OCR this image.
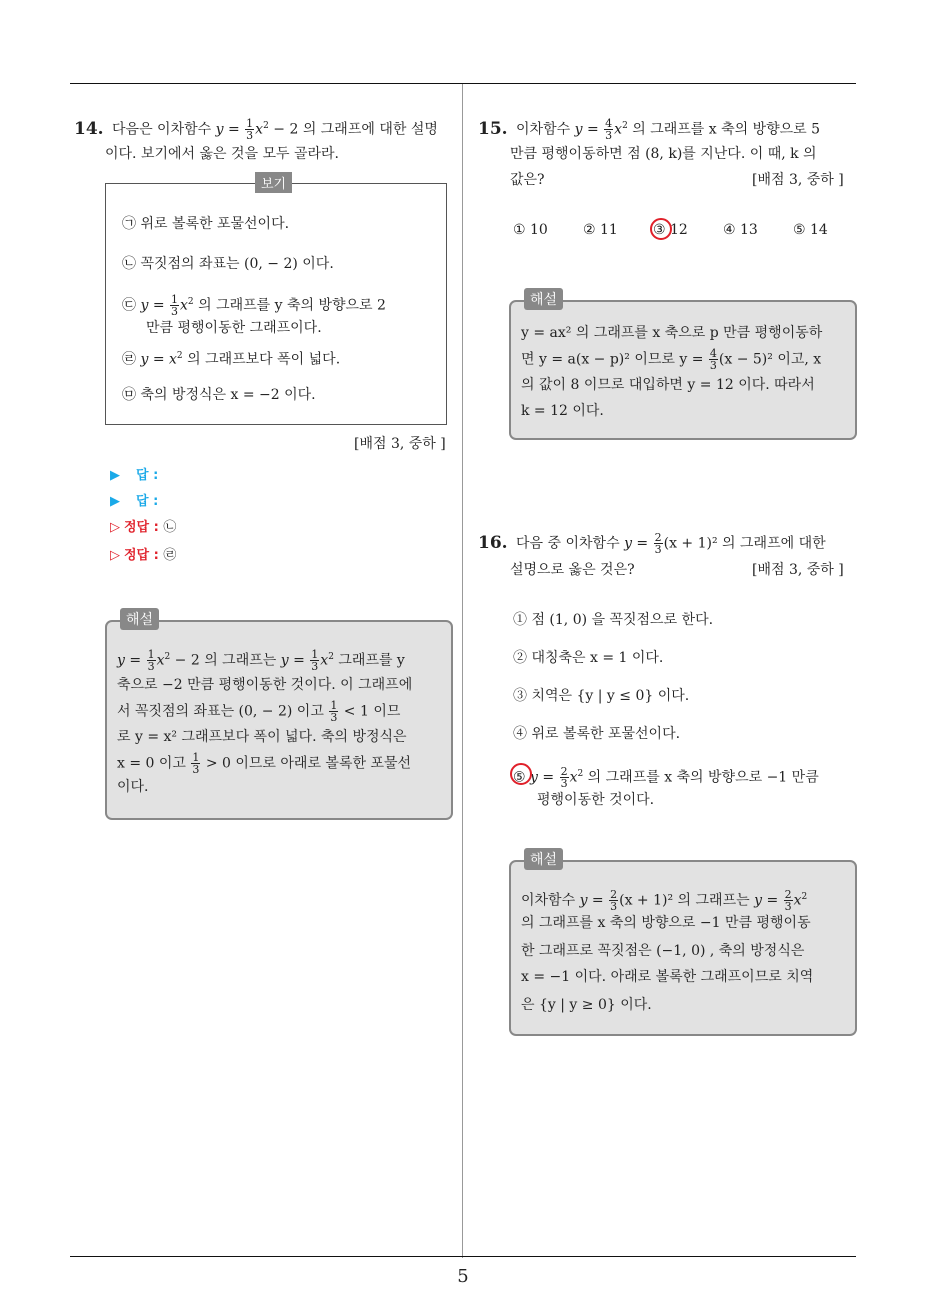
5
14. 다음은 이차함수 $y = \frac{1}{3} x^2 - 2$ 의 그래프에 대한 설명
이다. 보기에서 옳은 것을 모두 골라라.
보기
㉠ 위로 볼록한 포물선이다.
㉡ 꼭짓점의 좌표는 (0, − 2) 이다.
㉢ $y = \frac{1}{3} x^2$ 의 그래프를 y 축의 방향으로 2
만큼 평행이동한 그래프이다.
㉣ $y = x^2$ 의 그래프보다 폭이 넓다.
㉤ 축의 방정식은 x = −2 이다.
[배점 3, 중하 ]
▶ 답 :
▶ 답 :
▷ 정답 : ㉡
▷ 정답 : ㉣
해설
$y = \frac{1}{3} x^2 - 2$ 의 그래프는 $y = \frac{1}{3} x^2$ 그래프를 y
축으로 −2 만큼 평행이동한 것이다. 이 그래프에
서 꼭짓점의 좌표는 (0, − 2) 이고 $\frac{1}{3} < 1$ 이므
로 y = x² 그래프보다 폭이 넓다. 축의 방정식은
x = 0 이고 $\frac{1}{3} > 0$ 이므로 아래로 볼록한 포물선
이다.
15. 이차함수 $y = \frac{4}{3} x^2$ 의 그래프를 x 축의 방향으로 5
만큼 평행이동하면 점 (8, k)를 지난다. 이 때, k 의
값은?	[배점 3, 중하 ]
① 10	② 11	③ 12	④ 13	⑤ 14
해설
y = ax² 의 그래프를 x 축으로 p 만큼 평행이동하
면 y = a(x − p)² 이므로 $y = \frac{4}{3} (x - 5)^2$ 이고, x
의 값이 8 이므로 대입하면 y = 12 이다. 따라서
k = 12 이다.
16. 다음 중 이차함수 $y = \frac{2}{3} (x + 1)^2$ 의 그래프에 대한
설명으로 옳은 것은?	[배점 3, 중하 ]
① 점 (1, 0) 을 꼭짓점으로 한다.
② 대칭축은 x = 1 이다.
③ 치역은 {y | y ≤ 0} 이다.
④ 위로 볼록한 포물선이다.
⑤ $y = \frac{2}{3} x^2$ 의 그래프를 x 축의 방향으로 −1 만큼
평행이동한 것이다.
해설
이차함수 $y = \frac{2}{3} (x + 1)^2$ 의 그래프는 $y = \frac{2}{3} x^2$
의 그래프를 x 축의 방향으로 −1 만큼 평행이동
한 그래프로 꼭짓점은 (−1, 0) , 축의 방정식은
x = −1 이다. 아래로 볼록한 그래프이므로 치역
은 {y | y ≥ 0} 이다.
